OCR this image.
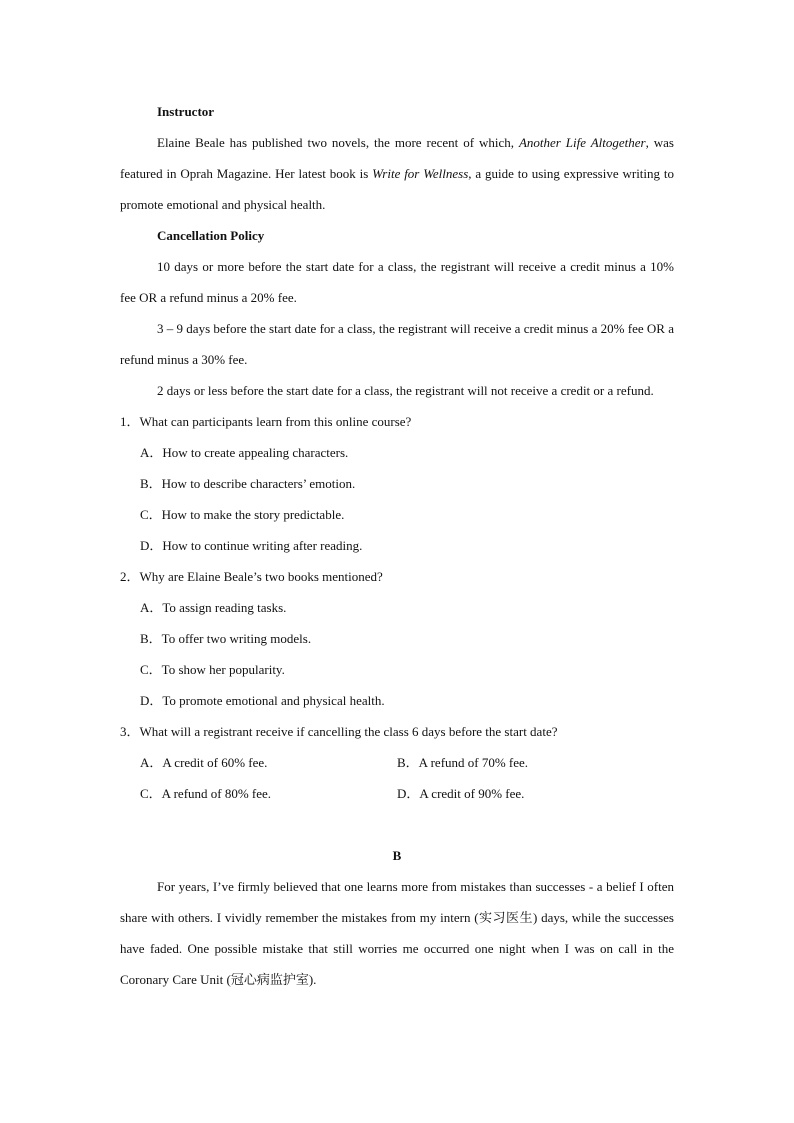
Instructor

Elaine Beale has published two novels, the more recent of which, Another Life Altogether, was featured in Oprah Magazine. Her latest book is Write for Wellness, a guide to using expressive writing to promote emotional and physical health.

Cancellation Policy

10 days or more before the start date for a class, the registrant will receive a credit minus a 10% fee OR a refund minus a 20% fee.

3 – 9 days before the start date for a class, the registrant will receive a credit minus a 20% fee OR a refund minus a 30% fee.

2 days or less before the start date for a class, the registrant will not receive a credit or a refund.

1．What can participants learn from this online course?

A．How to create appealing characters.
B．How to describe characters’ emotion.
C．How to make the story predictable.
D．How to continue writing after reading.

2．Why are Elaine Beale’s two books mentioned?

A．To assign reading tasks.
B．To offer two writing models.
C．To show her popularity.
D．To promote emotional and physical health.

3．What will a registrant receive if cancelling the class 6 days before the start date?

A．A credit of 60% fee.	B．A refund of 70% fee.
C．A refund of 80% fee.	D．A credit of 90% fee.
B

For years, I’ve firmly believed that one learns more from mistakes than successes - a belief I often share with others. I vividly remember the mistakes from my intern (实习医生) days, while the successes have faded. One possible mistake that still worries me occurred one night when I was on call in the Coronary Care Unit (冠心病监护室).
